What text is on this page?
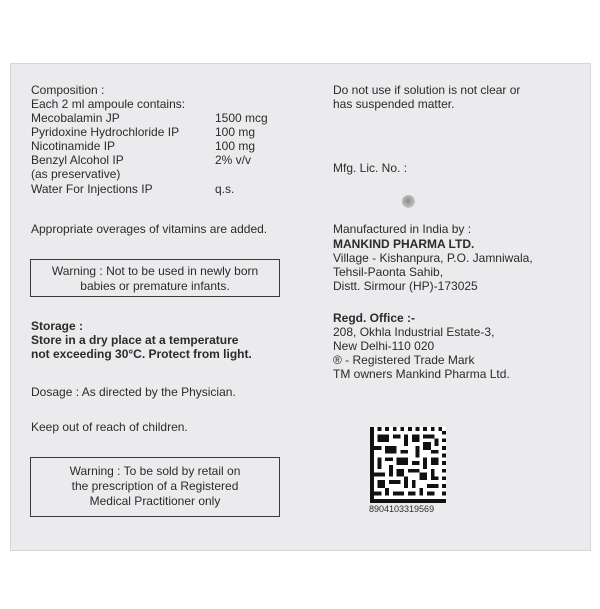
Composition :
Each 2 ml ampoule contains:
Mecobalamin JP	1500 mcg
Pyridoxine Hydrochloride IP	100 mg
Nicotinamide IP	100 mg
Benzyl Alcohol IP	2% v/v
(as preservative)
Water For Injections IP	q.s.
Appropriate overages of vitamins are added.
Warning : Not to be used in newly born
babies or premature infants.
Storage :
Store in a dry place at a temperature
not exceeding 30°C. Protect from light.
Dosage : As directed by the Physician.
Keep out of reach of children.
Warning : To be sold by retail on
the prescription of a Registered
Medical Practitioner only
Do not use if solution is not clear or
has suspended matter.
Mfg. Lic. No. :
Manufactured in India by :
MANKIND PHARMA LTD.
Village - Kishanpura, P.O. Jamniwala,
Tehsil-Paonta Sahib,
Distt. Sirmour (HP)-173025
Regd. Office :-
208, Okhla Industrial Estate-3,
New Delhi-110 020
® - Registered Trade Mark
TM owners Mankind Pharma Ltd.
8904103319569
